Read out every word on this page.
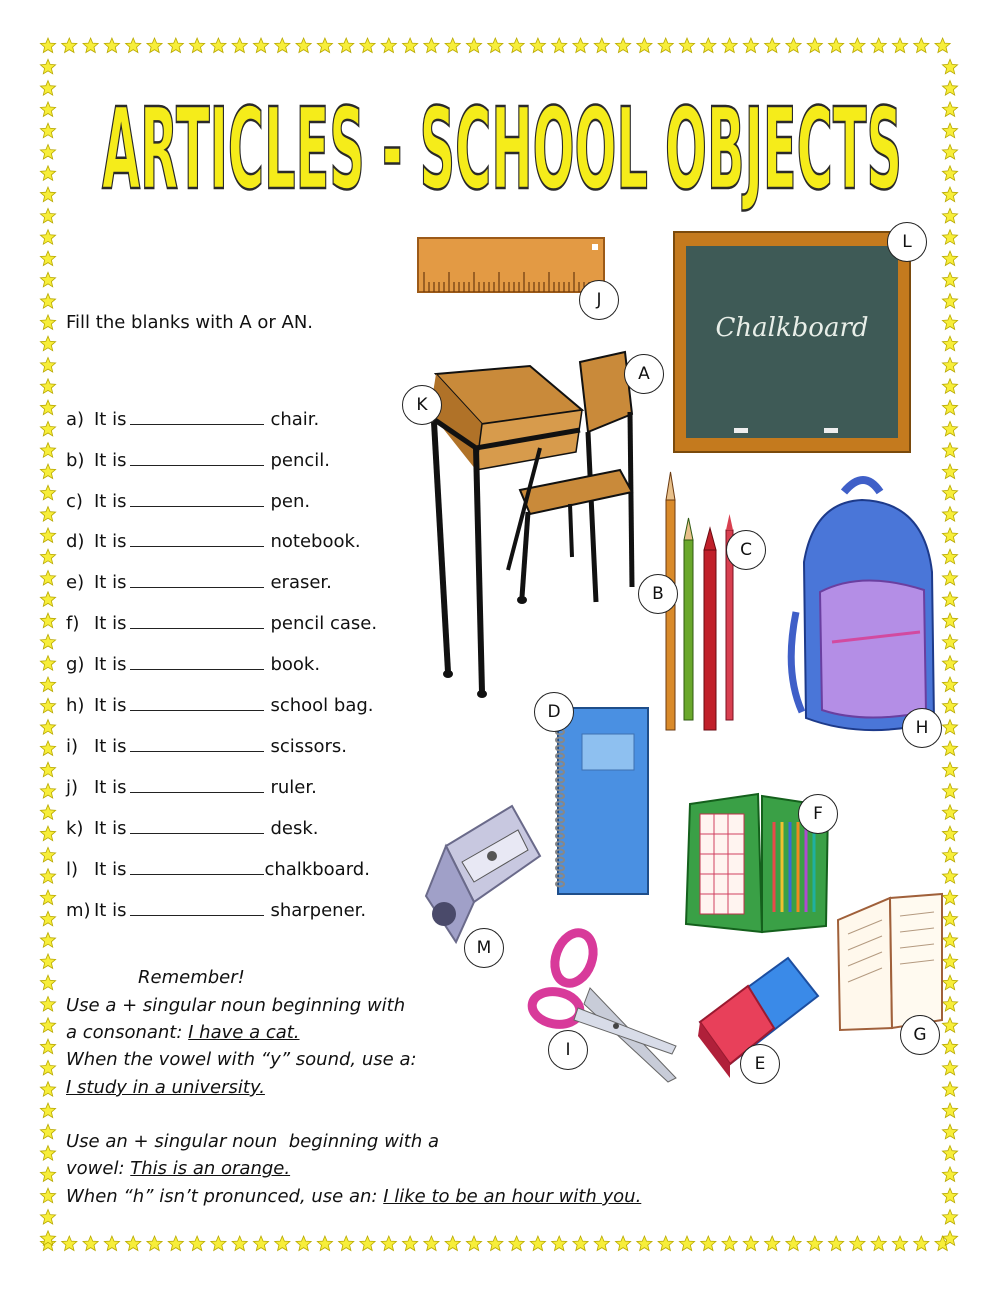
ARTICLES - SCHOOL OBJECTS
Fill the blanks with A or AN.
a) It is	chair.
b) It is	pencil.
c) It is	pen.
d) It is	notebook.
e) It is	eraser.
f) It is	pencil case.
g) It is	book.
h) It is	school bag.
i) It is	scissors.
j) It is	ruler.
k) It is	desk.
l) It is	chalkboard.
m) It is	sharpener.
Remember!
Use a + singular noun beginning with
a consonant: I have a cat.
When the vowel with “y” sound, use a:
I study in a university.
Use an + singular noun  beginning with a
vowel: This is an orange.
When “h” isn’t pronunced, use an: I like to be an hour with you.
Chalkboard
J
L
A
K
C
B
D
H
F
M
G
I
E
